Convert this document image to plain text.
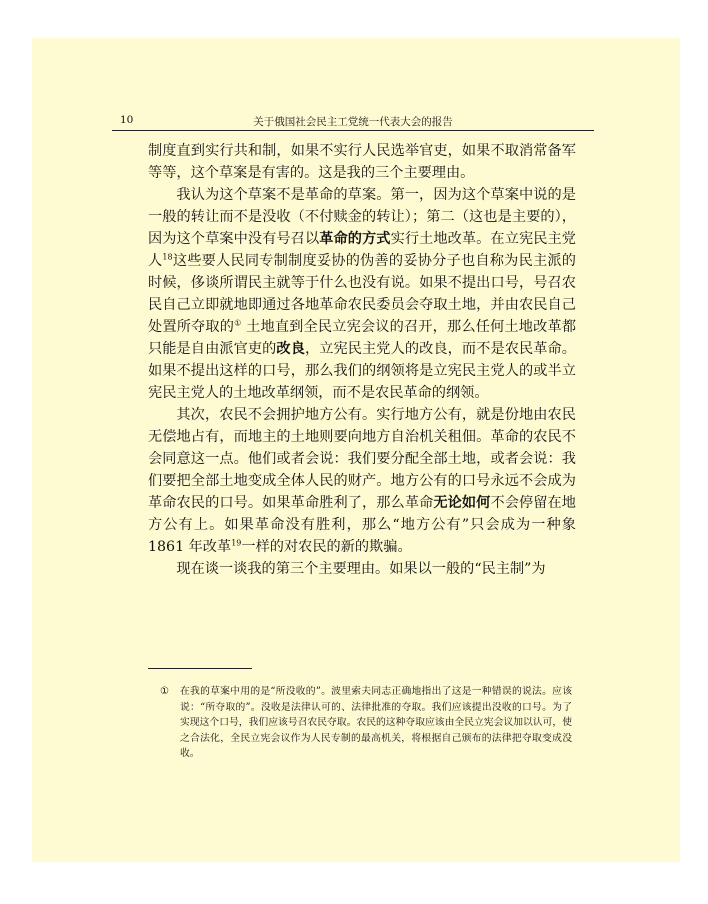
10	关于俄国社会民主工党统一代表大会的报告

制度直到实行共和制，如果不实行人民选举官吏，如果不取消常备军等等，这个草案是有害的。这是我的三个主要理由。

我认为这个草案不是革命的草案。第一，因为这个草案中说的是一般的转让而不是没收（不付赎金的转让）；第二（这也是主要的），因为这个草案中没有号召以革命的方式实行土地改革。在立宪民主党人$^{18}$这些要人民同专制制度妥协的伪善的妥协分子也自称为民主派的时候，侈谈所谓民主就等于什么也没有说。如果不提出口号，号召农民自己立即就地即通过各地革命农民委员会夺取土地，并由农民自己处置所夺取的① 土地直到全民立宪会议的召开，那么任何土地改革都只能是自由派官吏的改良，立宪民主党人的改良，而不是农民革命。如果不提出这样的口号，那么我们的纲领将是立宪民主党人的或半立宪民主党人的土地改革纲领，而不是农民革命的纲领。

其次，农民不会拥护地方公有。实行地方公有，就是份地由农民无偿地占有，而地主的土地则要向地方自治机关租佃。革命的农民不会同意这一点。他们或者会说：我们要分配全部土地，或者会说：我们要把全部土地变成全体人民的财产。地方公有的口号永远不会成为革命农民的口号。如果革命胜利了，那么革命无论如何不会停留在地方公有上。如果革命没有胜利，那么“地方公有”只会成为一种象 1861 年改革$^{19}$一样的对农民的新的欺骗。

现在谈一谈我的第三个主要理由。如果以一般的“民主制”为

① 在我的草案中用的是“所没收的”。波里索夫同志正确地指出了这是一种错误的说法。应该说：“所夺取的”。没收是法律认可的、法律批准的夺取。我们应该提出没收的口号。为了实现这个口号，我们应该号召农民夺取。农民的这种夺取应该由全民立宪会议加以认可，使之合法化，全民立宪会议作为人民专制的最高机关，将根据自己颁布的法律把夺取变成没收。
